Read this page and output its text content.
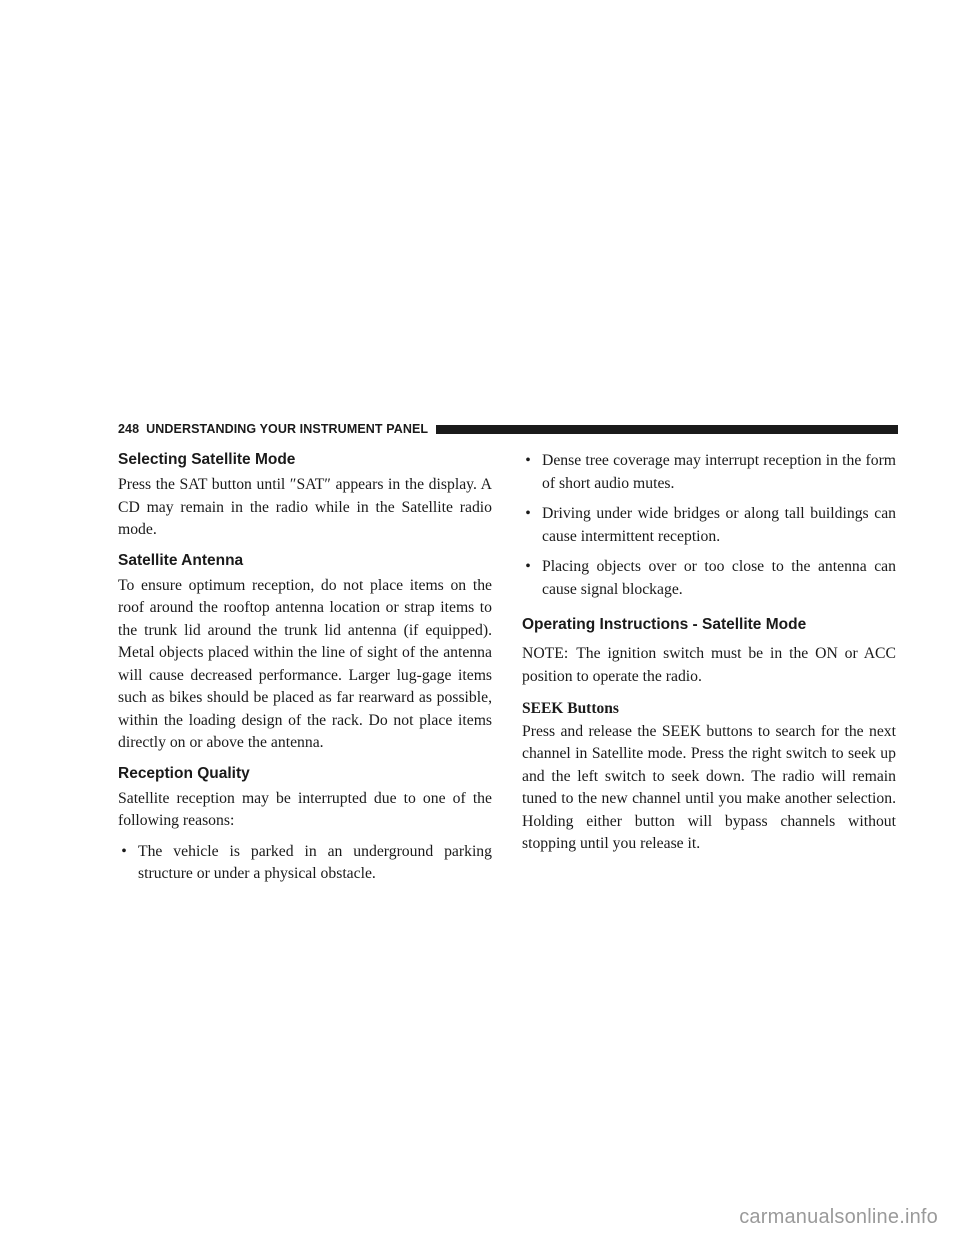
248 UNDERSTANDING YOUR INSTRUMENT PANEL
Selecting Satellite Mode

Press the SAT button until ″SAT″ appears in the display. A CD may remain in the radio while in the Satellite radio mode.

Satellite Antenna

To ensure optimum reception, do not place items on the roof around the rooftop antenna location or strap items to the trunk lid around the trunk lid antenna (if equipped). Metal objects placed within the line of sight of the antenna will cause decreased performance. Larger lug-gage items such as bikes should be placed as far rearward as possible, within the loading design of the rack. Do not place items directly on or above the antenna.

Reception Quality

Satellite reception may be interrupted due to one of the following reasons:

• The vehicle is parked in an underground parking structure or under a physical obstacle.
• Dense tree coverage may interrupt reception in the form of short audio mutes.
• Driving under wide bridges or along tall buildings can cause intermittent reception.
• Placing objects over or too close to the antenna can cause signal blockage.
Operating Instructions - Satellite Mode

NOTE: The ignition switch must be in the ON or ACC position to operate the radio.

SEEK Buttons

Press and release the SEEK buttons to search for the next channel in Satellite mode. Press the right switch to seek up and the left switch to seek down. The radio will remain tuned to the new channel until you make another selection. Holding either button will bypass channels without stopping until you release it.

carmanualsonline.info
